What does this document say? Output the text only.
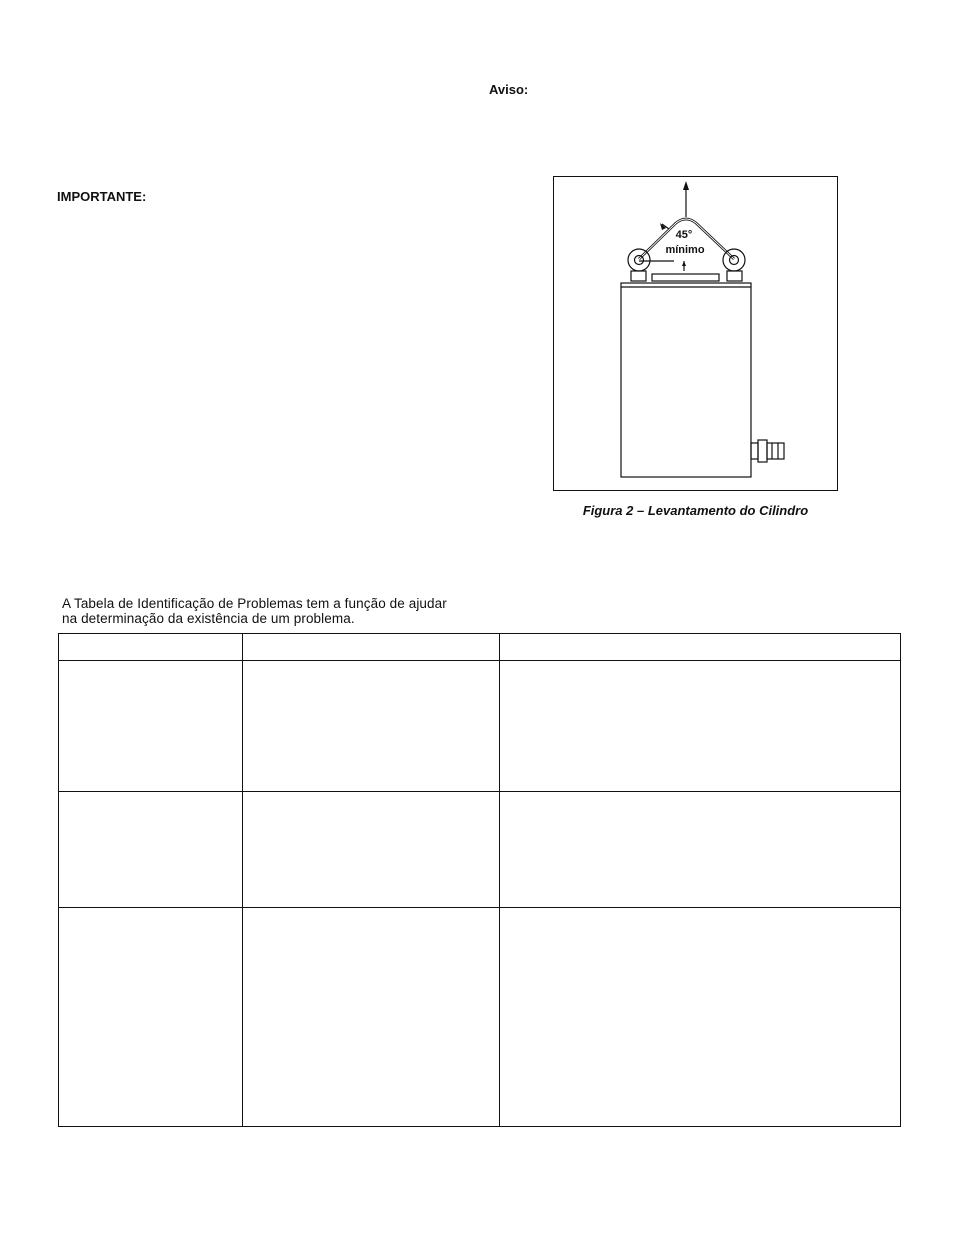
Aviso:
IMPORTANTE:
45°
mínimo
Figura 2 – Levantamento do Cilindro
A Tabela de Identificação de Problemas tem a função de ajudar na determinação da existência de um problema.
